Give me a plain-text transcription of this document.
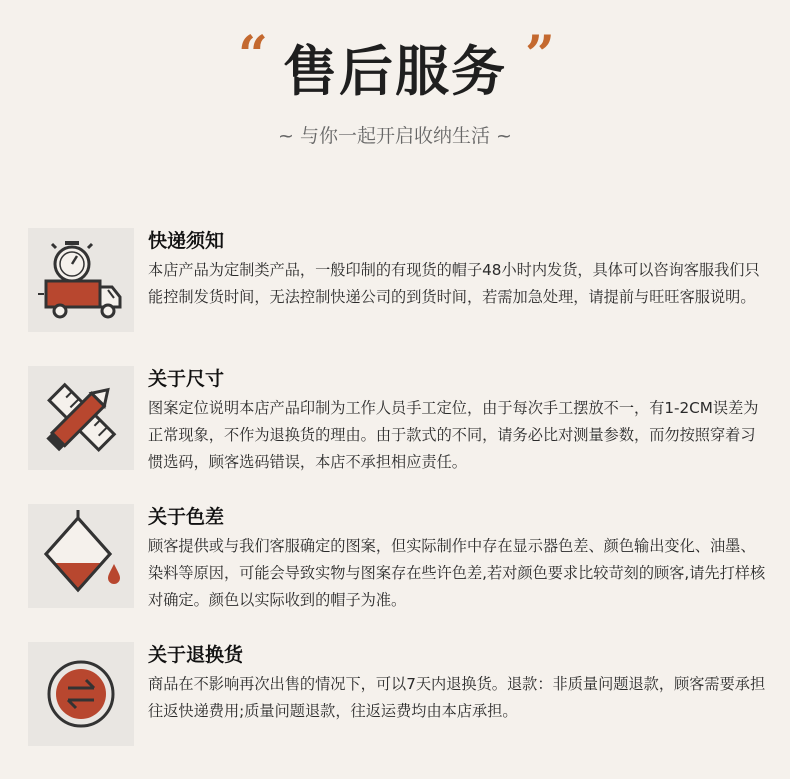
“ 售后服务 ”
~ 与你一起开启收纳生活 ~
快递须知
本店产品为定制类产品，一般印制的有现货的帽子48小时内发货，具体可以咨询客服我们只能控制发货时间，无法控制快递公司的到货时间，若需加急处理，请提前与旺旺客服说明。
关于尺寸
图案定位说明本店产品印制为工作人员手工定位，由于每次手工摆放不一，有1-2CM误差为正常现象，不作为退换货的理由。由于款式的不同，请务必比对测量参数，而勿按照穿着习惯选码，顾客选码错误，本店不承担相应责任。
关于色差
顾客提供或与我们客服确定的图案，但实际制作中存在显示器色差、颜色输出变化、油墨、染料等原因，可能会导致实物与图案存在些许色差,若对颜色要求比较苛刻的顾客,请先打样核对确定。颜色以实际收到的帽子为准。
关于退换货
商品在不影响再次出售的情况下，可以7天内退换货。退款：非质量问题退款，顾客需要承担往返快递费用;质量问题退款，往返运费均由本店承担。
